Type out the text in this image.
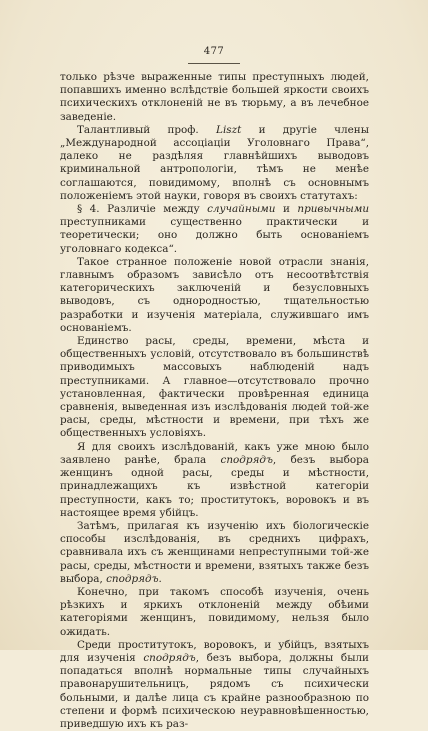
477

только рѣзче выраженные типы преступныхъ людей, попавшихъ именно вслѣдствіе большей яркости своихъ психическихъ отклоненій не въ тюрьму, а въ лечебное заведеніе.

Талантливый проф. Liszt и другіе члены „Международной ассоціаціи Уголовнаго Права“, далеко не раздѣляя главнѣйшихъ выводовъ криминальной антропологіи, тѣмъ не менѣе соглашаются, повидимому, вполнѣ съ основнымъ положеніемъ этой науки, говоря въ своихъ статутахъ:

§ 4. Различіе между случайными и привычными преступниками существенно практически и теоретически; оно должно быть основаніемъ уголовнаго кодекса“.

Такое странное положеніе новой отрасли знанія, главнымъ образомъ зависѣло отъ несоотвѣтствія категорическихъ заключеній и безусловныхъ выводовъ, съ однородностью, тщательностью разработки и изученія матеріала, служившаго имъ основаніемъ.

Единство расы, среды, времени, мѣста и общественныхъ условій, отсутствовало въ большинствѣ приводимыхъ массовыхъ наблюденій надъ преступниками. А главное—отсутствовало прочно установленная, фактически провѣренная единица сравненія, выведенная изъ изслѣдованія людей той-же расы, среды, мѣстности и времени, при тѣхъ же общественныхъ условіяхъ.

Я для своихъ изслѣдованій, какъ уже мною было заявлено ранѣе, брала сподрядъ, безъ выбора женщинъ одной расы, среды и мѣстности, принадлежащихъ къ извѣстной категоріи преступности, какъ то; проститутокъ, воровокъ и въ настоящее время убійцъ.

Затѣмъ, прилагая къ изученію ихъ біологическіе способы изслѣдованія, въ среднихъ цифрахъ, сравнивала ихъ съ женщинами непреступными той-же расы, среды, мѣстности и времени, взятыхъ также безъ выбора, сподрядъ.

Конечно, при такомъ способѣ изученія, очень рѣзкихъ и яркихъ отклоненій между обѣими категоріями женщинъ, повидимому, нельзя было ожидать.

Среди проститутокъ, воровокъ, и убійцъ, взятыхъ для изученія сподрядъ, безъ выбора, должны были попадаться вполнѣ нормальные типы случайныхъ правонарушительницъ, рядомъ съ психически больными, и далѣе лица съ крайне разнообразною по степени и формѣ психическою неуравновѣшенностью, приведшую ихъ къ раз-
